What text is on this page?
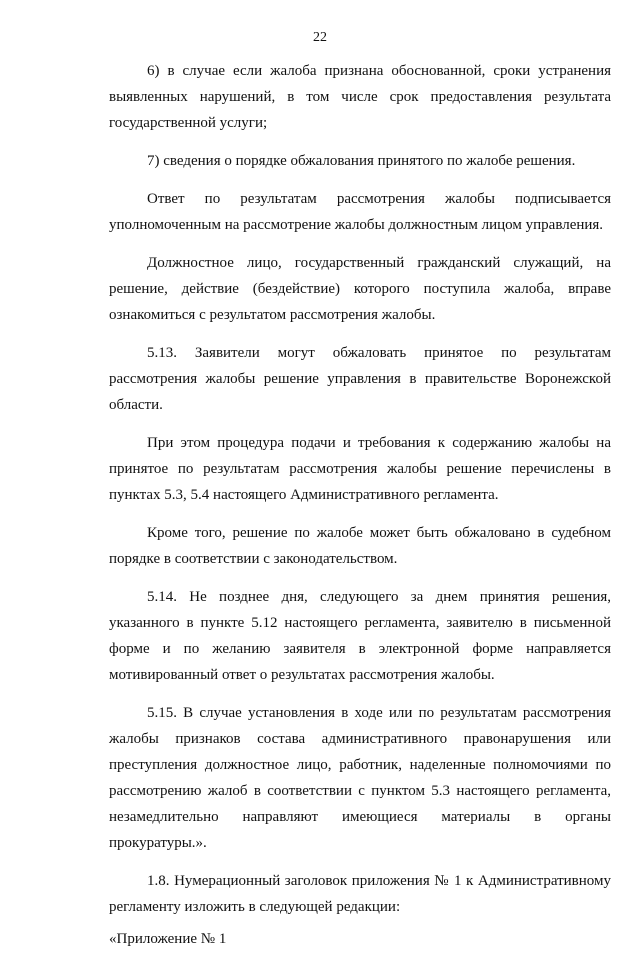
22

6) в случае если жалоба признана обоснованной, сроки устранения выявленных нарушений, в том числе срок предоставления результата государственной услуги;

7) сведения о порядке обжалования принятого по жалобе решения.

Ответ по результатам рассмотрения жалобы подписывается уполномоченным на рассмотрение жалобы должностным лицом управления.

Должностное лицо, государственный гражданский служащий, на решение, действие (бездействие) которого поступила жалоба, вправе ознакомиться с результатом рассмотрения жалобы.

5.13. Заявители могут обжаловать принятое по результатам рассмотрения жалобы решение управления в правительстве Воронежской области.

При этом процедура подачи и требования к содержанию жалобы на принятое по результатам рассмотрения жалобы решение перечислены в пунктах 5.3, 5.4 настоящего Административного регламента.

Кроме того, решение по жалобе может быть обжаловано в судебном порядке в соответствии с законодательством.

5.14. Не позднее дня, следующего за днем принятия решения, указанного в пункте 5.12 настоящего регламента, заявителю в письменной форме и по желанию заявителя в электронной форме направляется мотивированный ответ о результатах рассмотрения жалобы.

5.15. В случае установления в ходе или по результатам рассмотрения жалобы признаков состава административного правонарушения или преступления должностное лицо, работник, наделенные полномочиями по рассмотрению жалоб в соответствии с пунктом 5.3 настоящего регламента, незамедлительно направляют имеющиеся материалы в органы прокуратуры.».

1.8. Нумерационный заголовок приложения № 1 к Административному регламенту изложить в следующей редакции:

«Приложение № 1
